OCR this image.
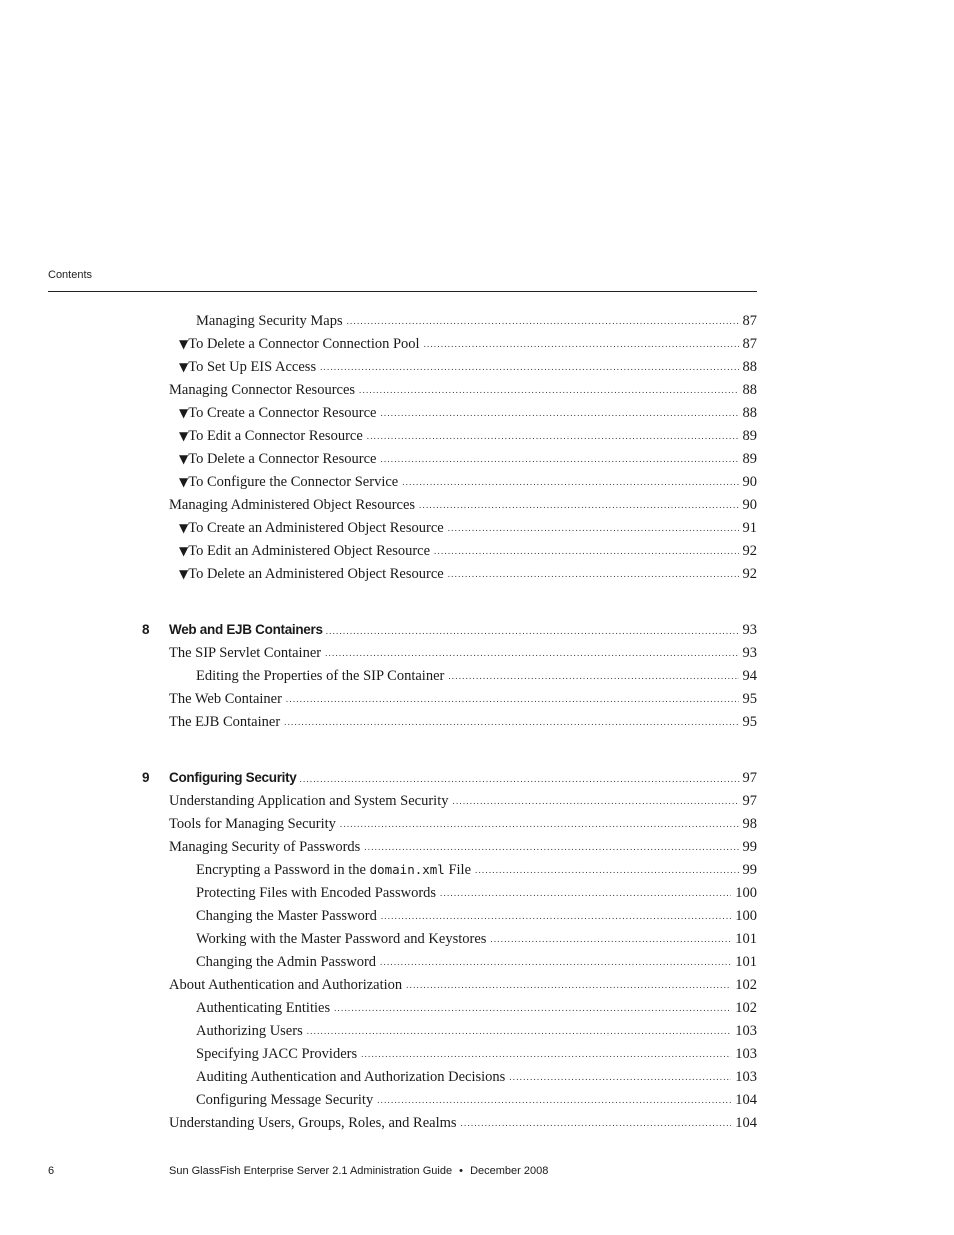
Contents
Managing Security Maps .....	87
▼ To Delete a Connector Connection Pool .....	87
▼ To Set Up EIS Access .....	88
Managing Connector Resources .....	88
▼ To Create a Connector Resource .....	88
▼ To Edit a Connector Resource .....	89
▼ To Delete a Connector Resource .....	89
▼ To Configure the Connector Service .....	90
Managing Administered Object Resources .....	90
▼ To Create an Administered Object Resource .....	91
▼ To Edit an Administered Object Resource .....	92
▼ To Delete an Administered Object Resource .....	92
8 Web and EJB Containers .....	93
The SIP Servlet Container .....	93
Editing the Properties of the SIP Container .....	94
The Web Container .....	95
The EJB Container .....	95
9 Configuring Security .....	97
Understanding Application and System Security .....	97
Tools for Managing Security .....	98
Managing Security of Passwords .....	99
Encrypting a Password in the domain.xml File .....	99
Protecting Files with Encoded Passwords .....	100
Changing the Master Password .....	100
Working with the Master Password and Keystores .....	101
Changing the Admin Password .....	101
About Authentication and Authorization .....	102
Authenticating Entities .....	102
Authorizing Users .....	103
Specifying JACC Providers .....	103
Auditing Authentication and Authorization Decisions .....	103
Configuring Message Security .....	104
Understanding Users, Groups, Roles, and Realms .....	104
6	Sun GlassFish Enterprise Server 2.1 Administration Guide • December 2008
